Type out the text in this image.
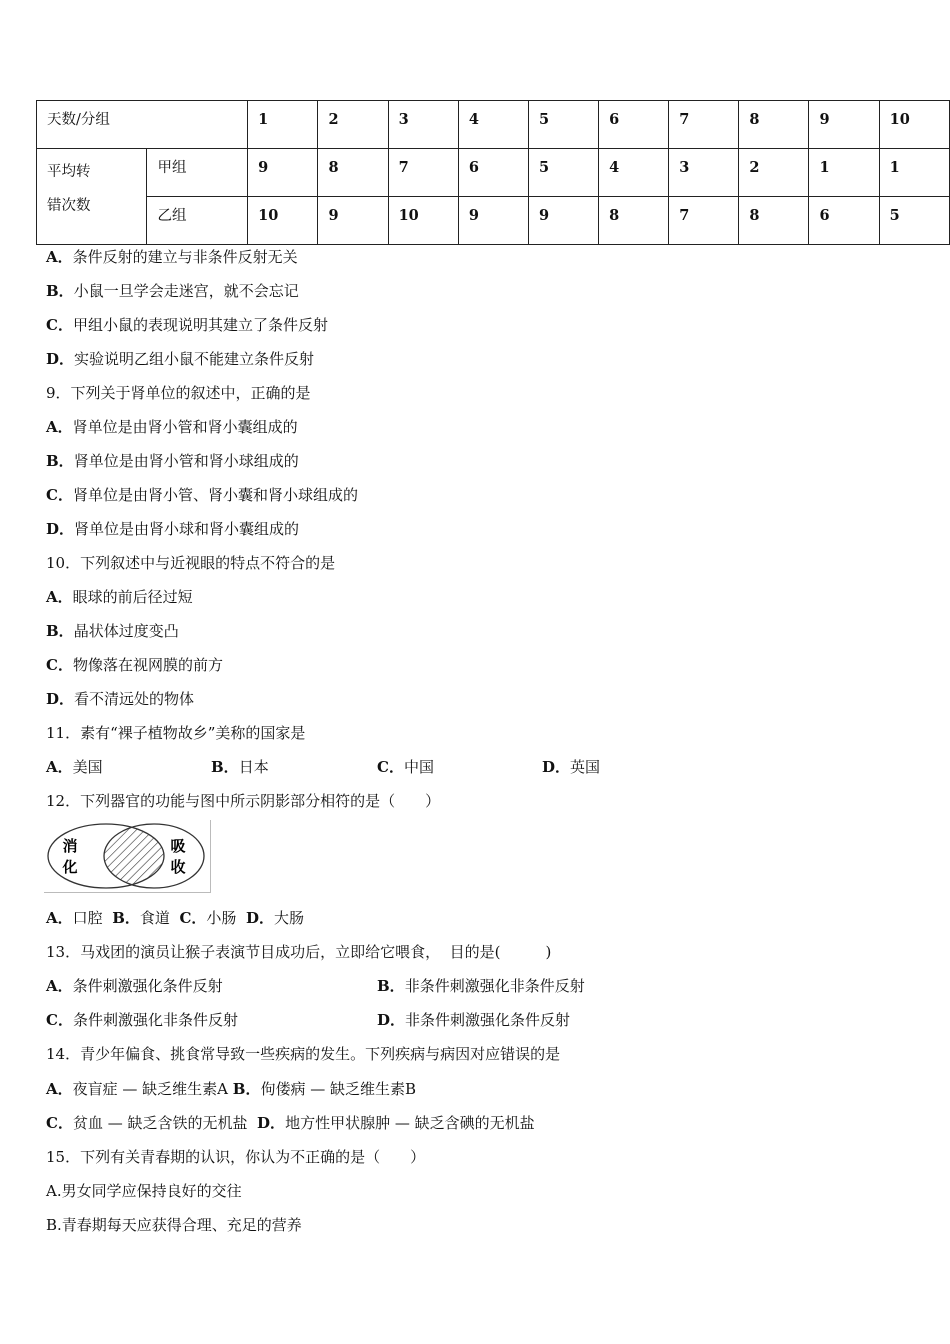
天数/分组		1	2	3	4	5	6	7	8	9	10

平均转
错次数	甲组	9	8	7	6	5	4	3	2	1	1
	乙组	10	9	10	9	9	8	7	8	6	5
A．条件反射的建立与非条件反射无关
B．小鼠一旦学会走迷宫，就不会忘记
C．甲组小鼠的表现说明其建立了条件反射
D．实验说明乙组小鼠不能建立条件反射
9．下列关于肾单位的叙述中，正确的是
A．肾单位是由肾小管和肾小囊组成的
B．肾单位是由肾小管和肾小球组成的
C．肾单位是由肾小管、肾小囊和肾小球组成的
D．肾单位是由肾小球和肾小囊组成的
10．下列叙述中与近视眼的特点不符合的是
A．眼球的前后径过短
B．晶状体过度变凸
C．物像落在视网膜的前方
D．看不清远处的物体
11．素有“裸子植物故乡”美称的国家是
A．美国	B．日本	C．中国	D．英国
12．下列器官的功能与图中所示阴影部分相符的是（　　）
消
化
吸
收
A．口腔 B．食道 C．小肠 D．大肠
13．马戏团的演员让猴子表演节目成功后，立即给它喂食，  目的是(　　　)
A．条件刺激强化条件反射	B．非条件刺激强化非条件反射
C．条件刺激强化非条件反射	D．非条件刺激强化条件反射
14．青少年偏食、挑食常导致一些疾病的发生。下列疾病与病因对应错误的是
A．夜盲症 — 缺乏维生素A B．佝偻病 — 缺乏维生素B
C．贫血 — 缺乏含铁的无机盐 D．地方性甲状腺肿 — 缺乏含碘的无机盐
15．下列有关青春期的认识，你认为不正确的是（　　）
A.男女同学应保持良好的交往
B.青春期每天应获得合理、充足的营养
